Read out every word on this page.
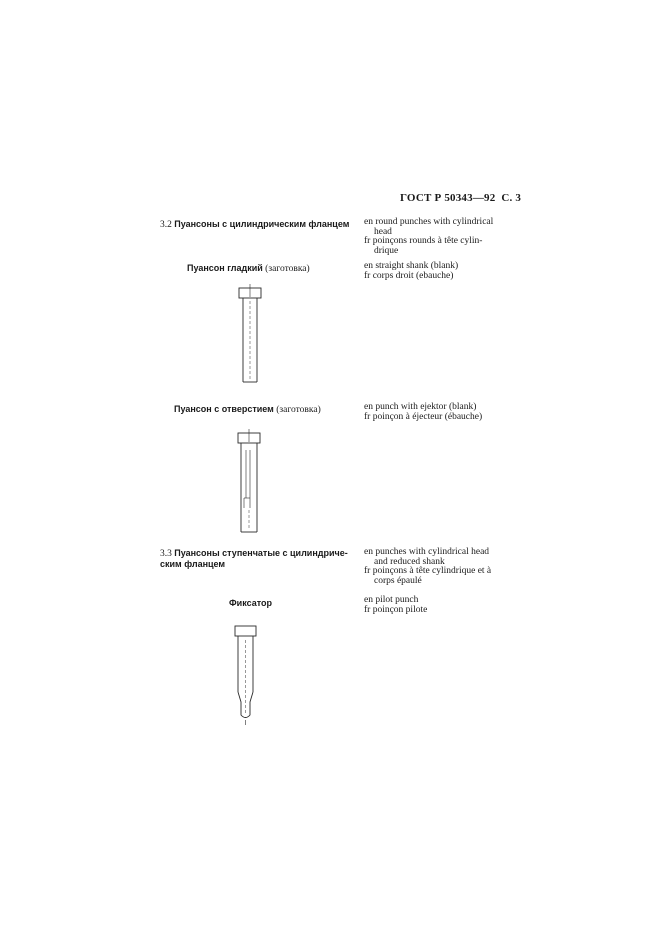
ГОСТ Р 50343—92 С. 3
3.2 Пуансоны с цилиндрическим фланцем	en round punches with cylindrical

head

fr poinçons rounds à tête cylin-

drique

Пуансон гладкий (заготовка)	en straight shank (blank)

fr corps droit (ebauche)

Пуансон с отверстием (заготовка)	en punch with ejektor (blank)

fr poinçon à éjecteur (ébauche)

3.3 Пуансоны ступенчатые с цилиндриче-
ским фланцем

en punches with cylindrical head

and reduced shank

fr poinçons à tête cylindrique et à

corps épaulé

Фиксатор	en pilot punch

fr poinçon pilote
